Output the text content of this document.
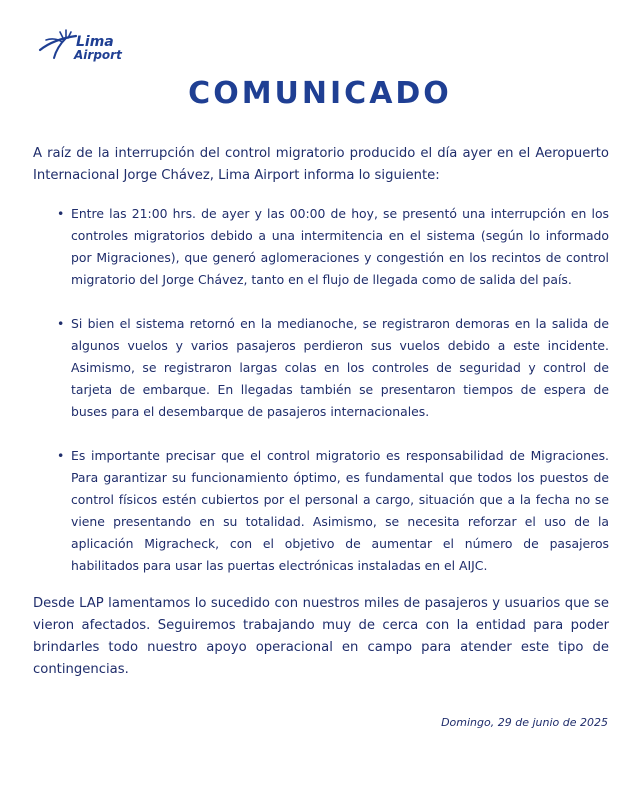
Lima
Airport
COMUNICADO

A raíz de la interrupción del control migratorio producido el día ayer en el Aeropuerto Internacional Jorge Chávez, Lima Airport informa lo siguiente:

• Entre las 21:00 hrs. de ayer y las 00:00 de hoy, se presentó una interrupción en los controles migratorios debido a una intermitencia en el sistema (según lo informado por Migraciones), que generó aglomeraciones y congestión en los recintos de control migratorio del Jorge Chávez, tanto en el flujo de llegada como de salida del país.
• Si bien el sistema retornó en la medianoche, se registraron demoras en la salida de algunos vuelos y varios pasajeros perdieron sus vuelos debido a este incidente. Asimismo, se registraron largas colas en los controles de seguridad y control de tarjeta de embarque. En llegadas también se presentaron tiempos de espera de buses para el desembarque de pasajeros internacionales.
• Es importante precisar que el control migratorio es responsabilidad de Migraciones. Para garantizar su funcionamiento óptimo, es fundamental que todos los puestos de control físicos estén cubiertos por el personal a cargo, situación que a la fecha no se viene presentando en su totalidad. Asimismo, se necesita reforzar el uso de la aplicación Migracheck, con el objetivo de aumentar el número de pasajeros habilitados para usar las puertas electrónicas instaladas en el AIJC.

Desde LAP lamentamos lo sucedido con nuestros miles de pasajeros y usuarios que se vieron afectados. Seguiremos trabajando muy de cerca con la entidad para poder brindarles todo nuestro apoyo operacional en campo para atender este tipo de contingencias.

Domingo, 29 de junio de 2025
